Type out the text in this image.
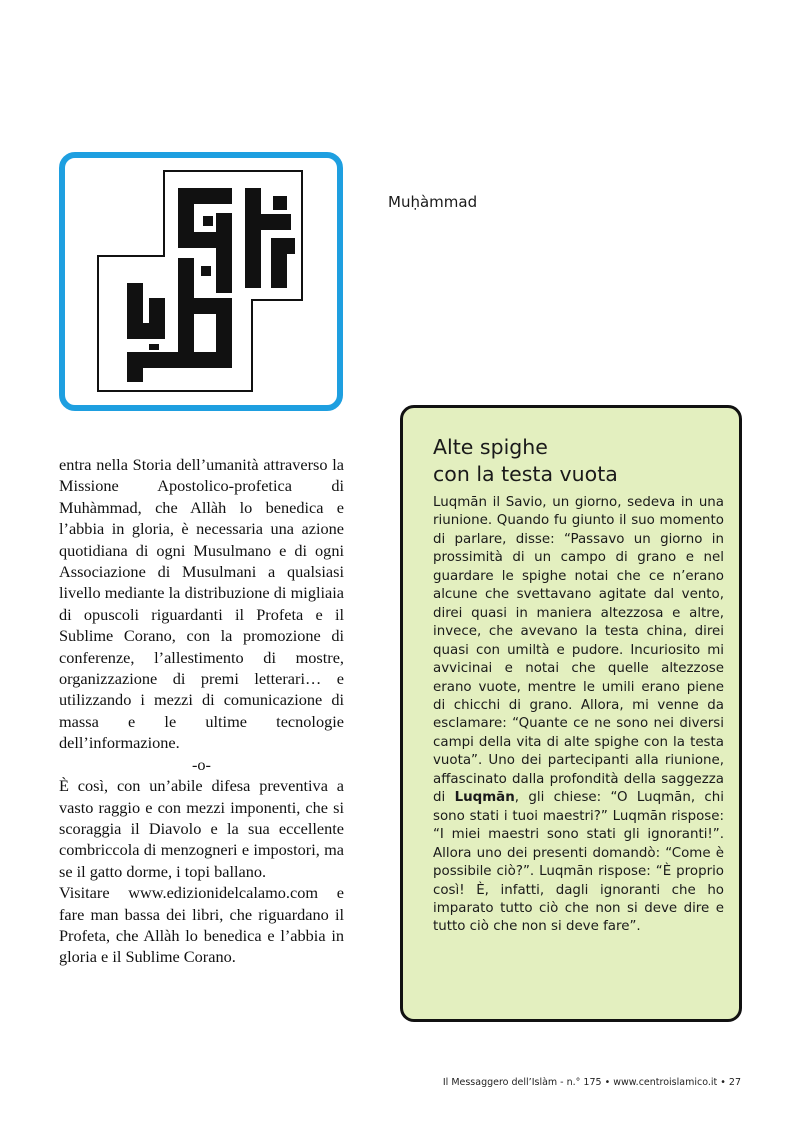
Muḥàmmad

entra nella Storia dell’umanità attraverso la Missione Apostolico-profetica di Muhàmmad, che Allàh lo benedica e l’abbia in gloria, è necessaria una azione quotidiana di ogni Musulmano e di ogni Associazione di Musulmani a qualsiasi livello mediante la distribuzione di migliaia di opuscoli riguardanti il Profeta e il Sublime Corano, con la promozione di conferenze, l’allestimento di mostre, organizzazione di premi letterari… e utilizzando i mezzi di comunicazione di massa e le ultime tecnologie dell’informazione.

-o-

È così, con un’abile difesa preventiva a vasto raggio e con mezzi imponenti, che si scoraggia il Diavolo e la sua eccellente combriccola di menzogneri e impostori, ma se il gatto dorme, i topi ballano.

Visitare www.edizionidelcalamo.com e fare man bassa dei libri, che riguardano il Profeta, che Allàh lo benedica e l’abbia in gloria e il Sublime Corano.

Alte spighe
con la testa vuota

Luqmān il Savio, un giorno, sedeva in una riunione. Quando fu giunto il suo momento di parlare, disse: “Passavo un giorno in prossimità di un campo di grano e nel guardare le spighe notai che ce n’erano alcune che svettavano agitate dal vento, direi quasi in maniera altezzosa e altre, invece, che avevano la testa china, direi quasi con umiltà e pudore. Incuriosito mi avvicinai e notai che quelle altezzose erano vuote, mentre le umili erano piene di chicchi di grano. Allora, mi venne da esclamare: “Quante ce ne sono nei diversi campi della vita di alte spighe con la testa vuota”. Uno dei partecipanti alla riunione, affascinato dalla profondità della saggezza di Luqmān, gli chiese: “O Luqmān, chi sono stati i tuoi maestri?” Luqmān rispose: “I miei maestri sono stati gli ignoranti!”. Allora uno dei presenti domandò: “Come è possibile ciò?”. Luqmān rispose: “È proprio così! È, infatti, dagli ignoranti che ho imparato tutto ciò che non si deve dire e tutto ciò che non si deve fare”.

Il Messaggero dell’Islàm - n.° 175 • www.centroislamico.it • 27
